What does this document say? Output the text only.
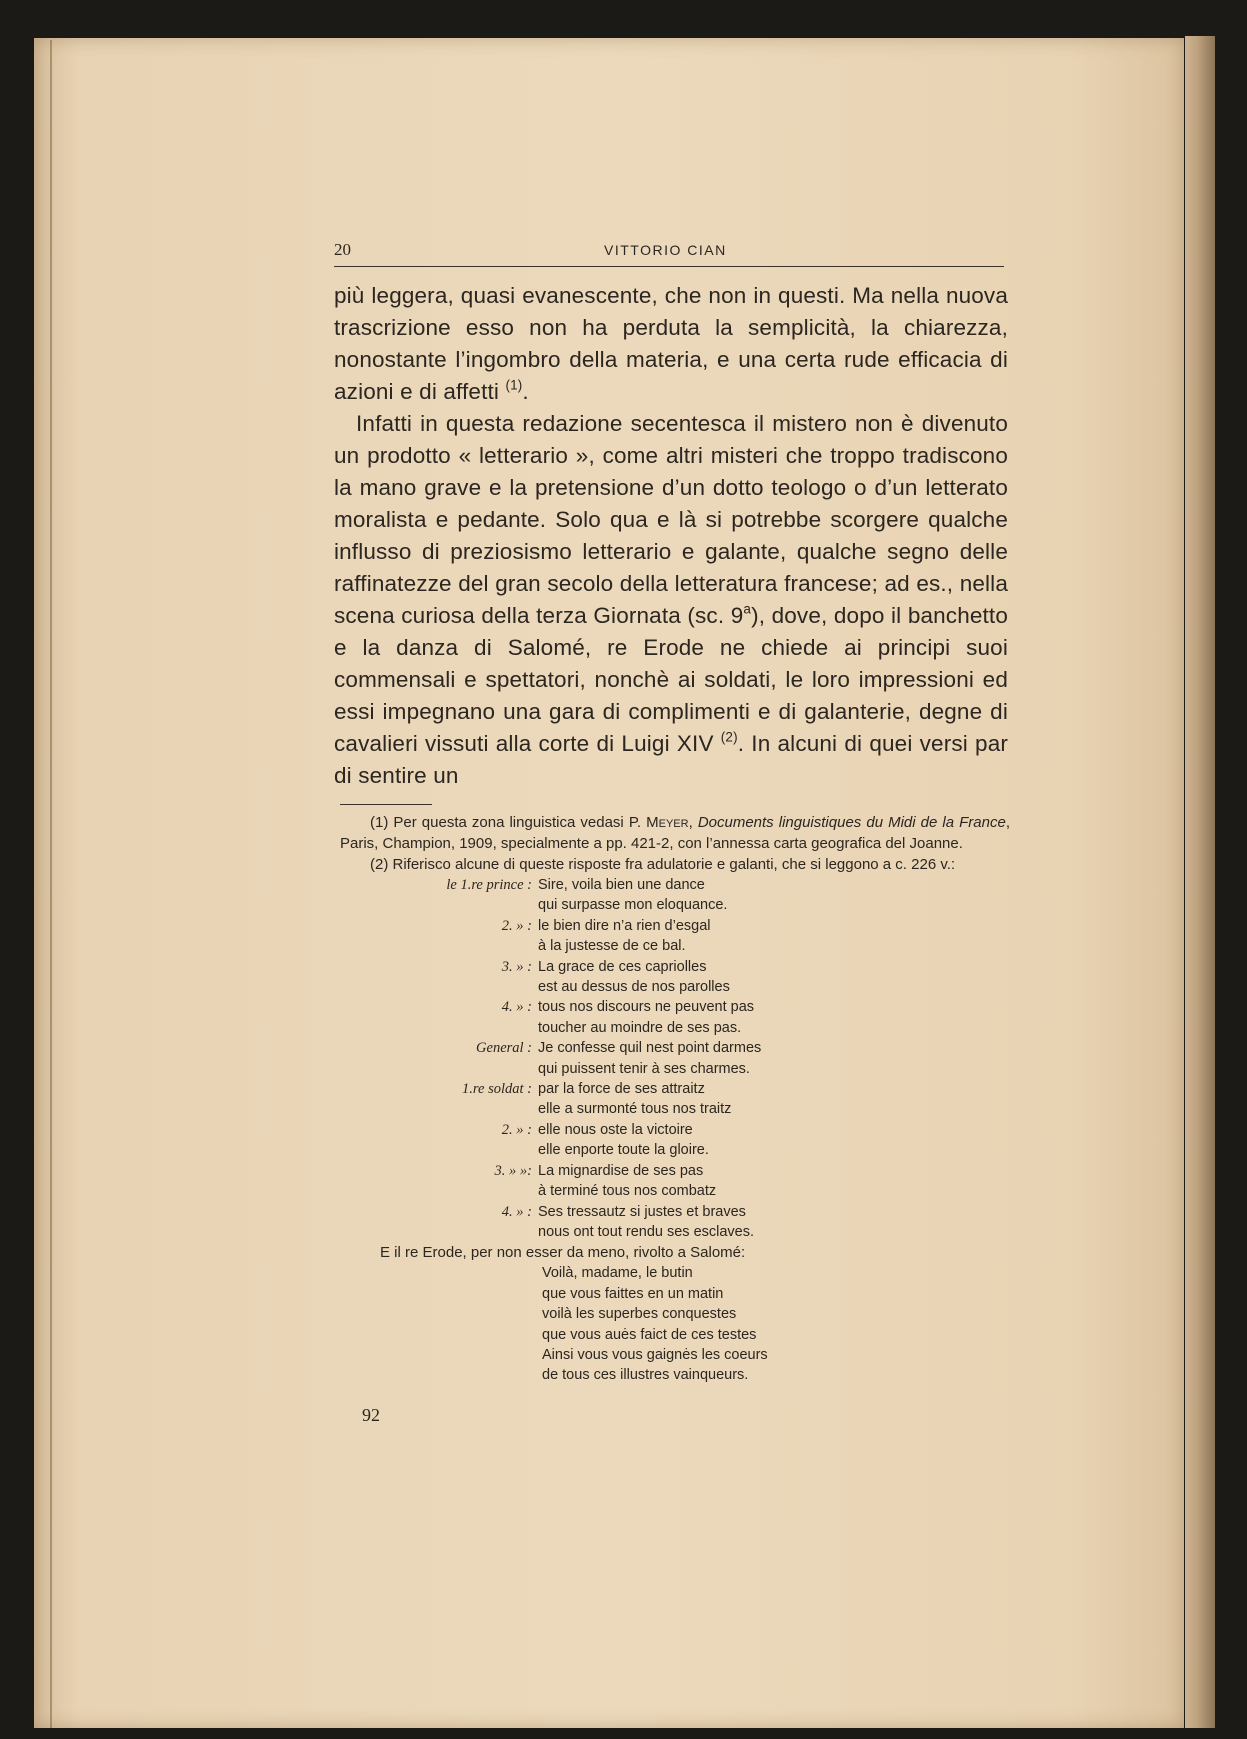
20	VITTORIO CIAN

più leggera, quasi evanescente, che non in questi. Ma nella nuova trascrizione esso non ha perduta la semplicità, la chiarezza, nonostante l’ingombro della materia, e una certa rude efficacia di azioni e di affetti $^{(1)}$.

Infatti in questa redazione secentesca il mistero non è divenuto un prodotto « letterario », come altri misteri che troppo tradiscono la mano grave e la pretensione d’un dotto teologo o d’un letterato moralista e pedante. Solo qua e là si potrebbe scorgere qualche influsso di preziosismo letterario e galante, qualche segno delle raffinatezze del gran secolo della letteratura francese; ad es., nella scena curiosa della terza Giornata (sc. 9$^a$), dove, dopo il banchetto e la danza di Salomé, re Erode ne chiede ai principi suoi commensali e spettatori, nonchè ai soldati, le loro impressioni ed essi impegnano una gara di complimenti e di galanterie, degne di cavalieri vissuti alla corte di Luigi XIV $^{(2)}$. In alcuni di quei versi par di sentire un

(1) Per questa zona linguistica vedasi P. Meyer, Documents linguistiques du Midi de la France, Paris, Champion, 1909, specialmente a pp. 421-2, con l’annessa carta geografica del Joanne.

(2) Riferisco alcune di queste risposte fra adulatorie e galanti, che si leggono a c. 226 v.:

le 1.re prince :	Sire, voila bien une dance
	qui surpasse mon eloquance.
2. » :	le bien dire n’a rien d’esgal
	à la justesse de ce bal.
3. » :	La grace de ces capriolles
	est au dessus de nos parolles
4. » :	tous nos discours ne peuvent pas
	toucher au moindre de ses pas.
General :	Je confesse quil nest point darmes
	qui puissent tenir à ses charmes.
1.re soldat :	par la force de ses attraitz
	elle a surmonté tous nos traitz
2. » :	elle nous oste la victoire
	elle enporte toute la gloire.
3. » »:	La mignardise de ses pas
	à terminé tous nos combatz
4. » :	Ses tressautz si justes et braves
	nous ont tout rendu ses esclaves.

E il re Erode, per non esser da meno, rivolto a Salomé:

Voilà, madame, le butin
que vous faittes en un matin
voilà les superbes conquestes
que vous auės faict de ces testes
Ainsi vous vous gaignės les coeurs
de tous ces illustres vainqueurs.
92
